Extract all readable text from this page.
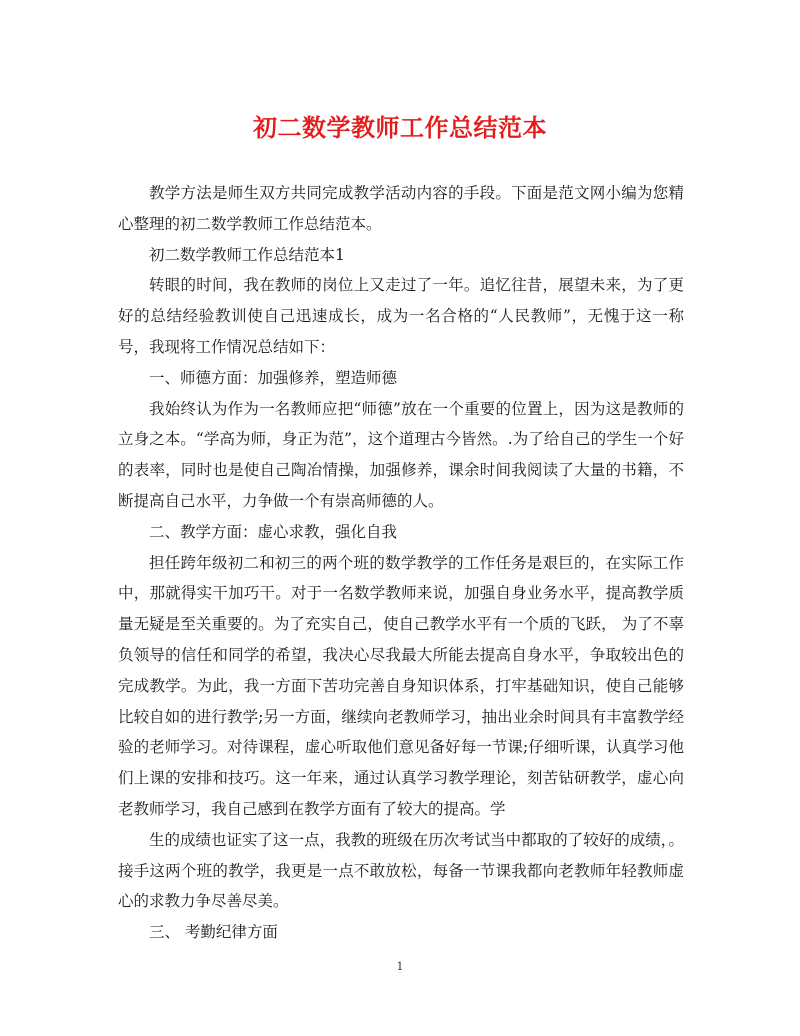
初二数学教师工作总结范本

教学方法是师生双方共同完成教学活动内容的手段。下面是范文网小编为您精心整理的初二数学教师工作总结范本。

初二数学教师工作总结范本1

转眼的时间，我在教师的岗位上又走过了一年。追忆往昔，展望未来，为了更好的总结经验教训使自己迅速成长，成为一名合格的“人民教师”，无愧于这一称号，我现将工作情况总结如下：

一、师德方面：加强修养，塑造师德

我始终认为作为一名教师应把“师德”放在一个重要的位置上，因为这是教师的立身之本。“学高为师，身正为范”，这个道理古今皆然。.为了给自己的学生一个好的表率，同时也是使自己陶冶情操，加强修养，课余时间我阅读了大量的书籍，不断提高自己水平，力争做一个有崇高师德的人。

二、教学方面：虚心求教，强化自我

担任跨年级初二和初三的两个班的数学教学的工作任务是艰巨的，在实际工作中，那就得实干加巧干。对于一名数学教师来说，加强自身业务水平，提高教学质量无疑是至关重要的。为了充实自己，使自己教学水平有一个质的飞跃， 为了不辜负领导的信任和同学的希望，我决心尽我最大所能去提高自身水平，争取较出色的完成教学。为此，我一方面下苦功完善自身知识体系，打牢基础知识，使自己能够比较自如的进行教学;另一方面，继续向老教师学习，抽出业余时间具有丰富教学经验的老师学习。对待课程，虚心听取他们意见备好每一节课;仔细听课，认真学习他们上课的安排和技巧。这一年来，通过认真学习教学理论，刻苦钻研教学，虚心向老教师学习，我自己感到在教学方面有了较大的提高。学

生的成绩也证实了这一点，我教的班级在历次考试当中都取的了较好的成绩，。接手这两个班的教学，我更是一点不敢放松，每备一节课我都向老教师年轻教师虚心的求教力争尽善尽美。

三、 考勤纪律方面

1
